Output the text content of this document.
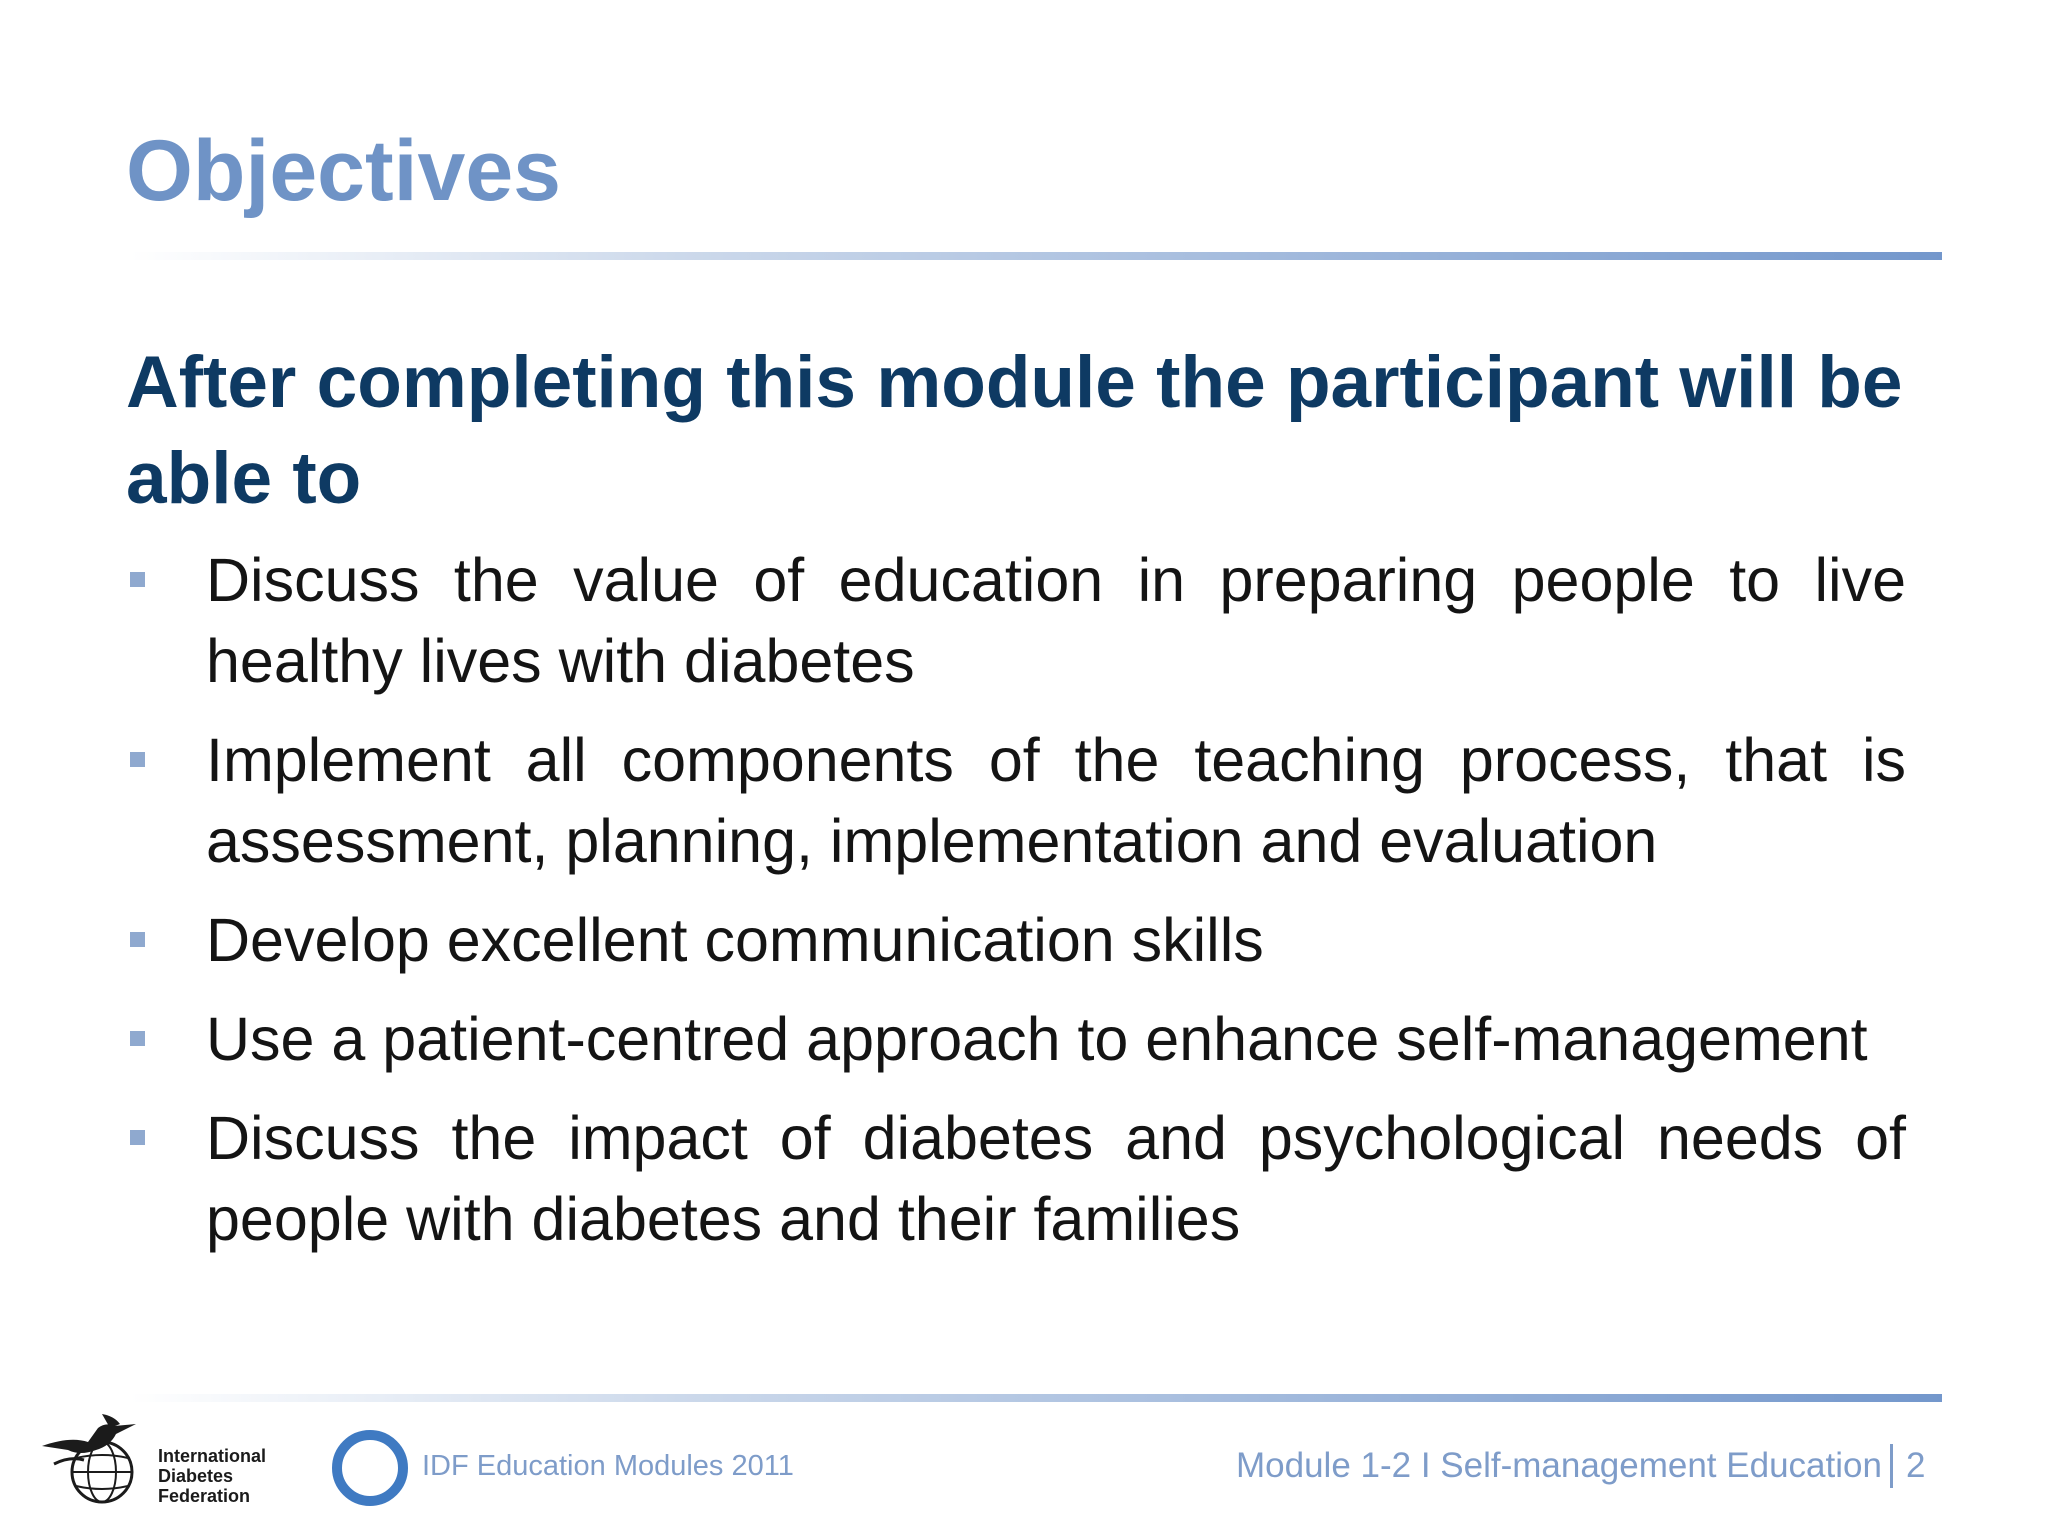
Objectives
After completing this module the participant will be able to
Discuss the value of education in preparing people to live healthy lives with diabetes
Implement all components of the teaching process, that is assessment, planning, implementation and evaluation
Develop excellent communication skills
Use a patient-centred approach to enhance self-management
Discuss the impact of diabetes and psychological needs of people with diabetes and their families
International
Diabetes
Federation
IDF Education Modules 2011	Module 1-2 I Self-management Education 2
